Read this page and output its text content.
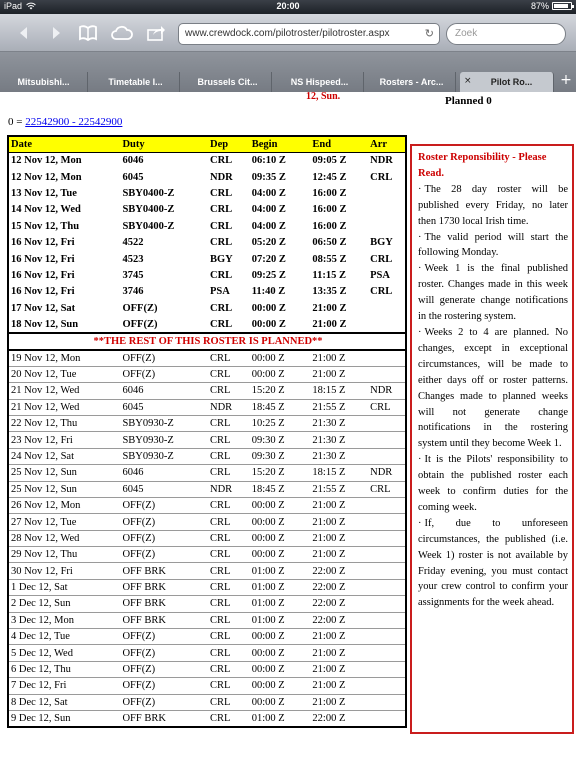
iPad	20:00	87%
www.crewdock.com/pilotroster/pilotroster.aspx	↻	Zoek
Mitsubishi...	Timetable I...	Brussels Cit...	NS Hispeed...	Rosters - Arc...	× Pilot Ro...	+
12, Sun.	Planned 0
0 = 22542900 - 22542900
Date	Duty	Dep	Begin	End	Arr
12 Nov 12, Mon	6046	CRL	06:10 Z	09:05 Z	NDR
12 Nov 12, Mon	6045	NDR	09:35 Z	12:45 Z	CRL
13 Nov 12, Tue	SBY0400-Z	CRL	04:00 Z	16:00 Z	
14 Nov 12, Wed	SBY0400-Z	CRL	04:00 Z	16:00 Z	
15 Nov 12, Thu	SBY0400-Z	CRL	04:00 Z	16:00 Z	
16 Nov 12, Fri	4522	CRL	05:20 Z	06:50 Z	BGY
16 Nov 12, Fri	4523	BGY	07:20 Z	08:55 Z	CRL
16 Nov 12, Fri	3745	CRL	09:25 Z	11:15 Z	PSA
16 Nov 12, Fri	3746	PSA	11:40 Z	13:35 Z	CRL
17 Nov 12, Sat	OFF(Z)	CRL	00:00 Z	21:00 Z	
18 Nov 12, Sun	OFF(Z)	CRL	00:00 Z	21:00 Z	
**THE REST OF THIS ROSTER IS PLANNED**					
19 Nov 12, Mon	OFF(Z)	CRL	00:00 Z	21:00 Z	
20 Nov 12, Tue	OFF(Z)	CRL	00:00 Z	21:00 Z	
21 Nov 12, Wed	6046	CRL	15:20 Z	18:15 Z	NDR
21 Nov 12, Wed	6045	NDR	18:45 Z	21:55 Z	CRL
22 Nov 12, Thu	SBY0930-Z	CRL	10:25 Z	21:30 Z	
23 Nov 12, Fri	SBY0930-Z	CRL	09:30 Z	21:30 Z	
24 Nov 12, Sat	SBY0930-Z	CRL	09:30 Z	21:30 Z	
25 Nov 12, Sun	6046	CRL	15:20 Z	18:15 Z	NDR
25 Nov 12, Sun	6045	NDR	18:45 Z	21:55 Z	CRL
26 Nov 12, Mon	OFF(Z)	CRL	00:00 Z	21:00 Z	
27 Nov 12, Tue	OFF(Z)	CRL	00:00 Z	21:00 Z	
28 Nov 12, Wed	OFF(Z)	CRL	00:00 Z	21:00 Z	
29 Nov 12, Thu	OFF(Z)	CRL	00:00 Z	21:00 Z	
30 Nov 12, Fri	OFF BRK	CRL	01:00 Z	22:00 Z	
1 Dec 12, Sat	OFF BRK	CRL	01:00 Z	22:00 Z	
2 Dec 12, Sun	OFF BRK	CRL	01:00 Z	22:00 Z	
3 Dec 12, Mon	OFF BRK	CRL	01:00 Z	22:00 Z	
4 Dec 12, Tue	OFF(Z)	CRL	00:00 Z	21:00 Z	
5 Dec 12, Wed	OFF(Z)	CRL	00:00 Z	21:00 Z	
6 Dec 12, Thu	OFF(Z)	CRL	00:00 Z	21:00 Z	
7 Dec 12, Fri	OFF(Z)	CRL	00:00 Z	21:00 Z	
8 Dec 12, Sat	OFF(Z)	CRL	00:00 Z	21:00 Z	
9 Dec 12, Sun	OFF BRK	CRL	01:00 Z	22:00 Z	

Roster Reponsibility - Please Read.

· The 28 day roster will be published every Friday, no later then 1730 local Irish time.

· The valid period will start the following Monday.

· Week 1 is the final published roster. Changes made in this week will generate change notifications in the rostering system.

· Weeks 2 to 4 are planned. No changes, except in exceptional circumstances, will be made to either days off or roster patterns. Changes made to planned weeks will not generate change notifications in the rostering system until they become Week 1.

· It is the Pilots' responsibility to obtain the published roster each week to confirm duties for the coming week.

· If, due to unforeseen circumstances, the published (i.e. Week 1) roster is not available by Friday evening, you must contact your crew control to confirm your assignments for the week ahead.
